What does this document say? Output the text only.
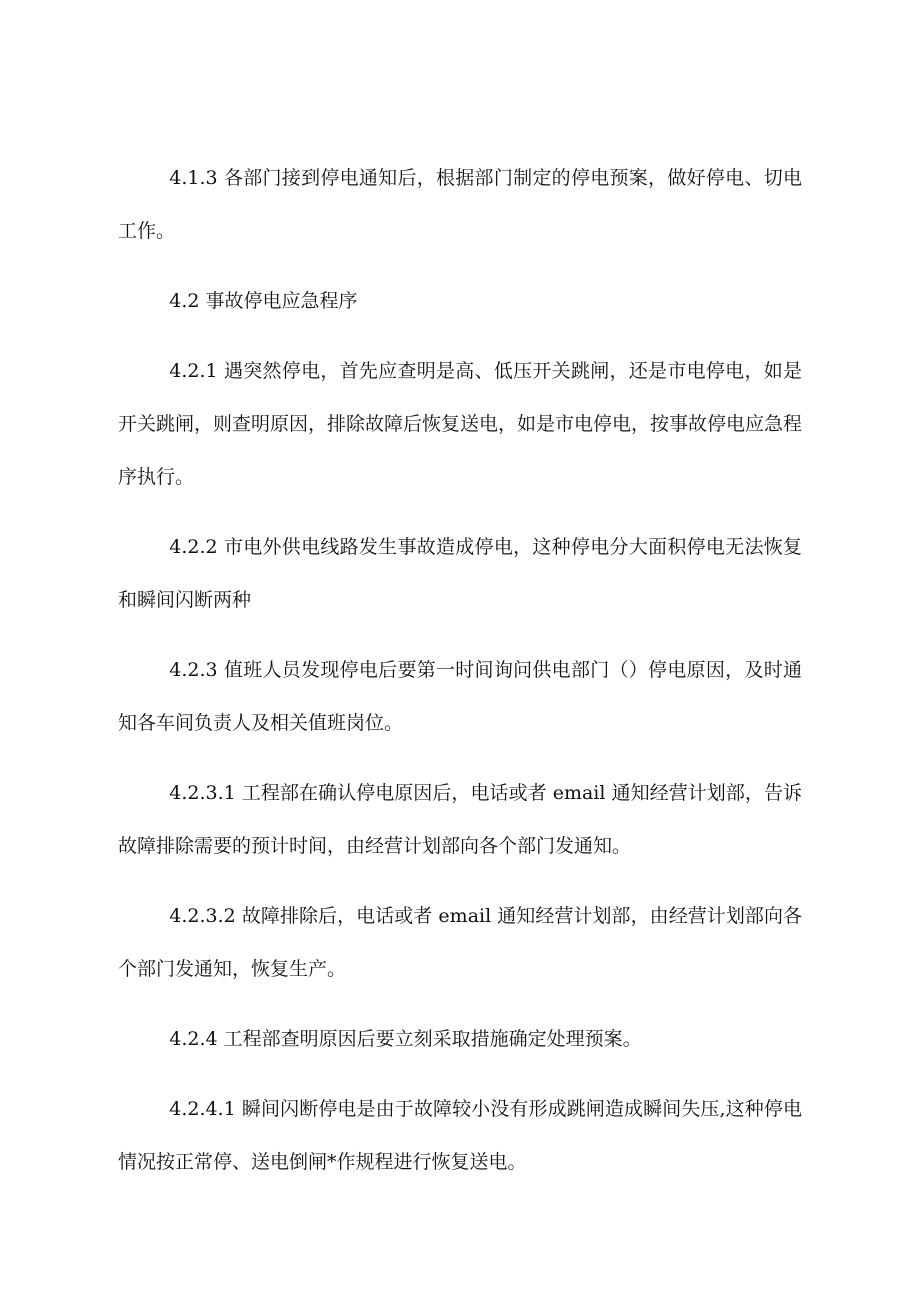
4.1.3 各部门接到停电通知后，根据部门制定的停电预案，做好停电、切电工作。

4.2 事故停电应急程序

4.2.1 遇突然停电，首先应查明是高、低压开关跳闸，还是市电停电，如是开关跳闸，则查明原因，排除故障后恢复送电，如是市电停电，按事故停电应急程序执行。

4.2.2 市电外供电线路发生事故造成停电，这种停电分大面积停电无法恢复和瞬间闪断两种

4.2.3 值班人员发现停电后要第一时间询问供电部门（）停电原因，及时通知各车间负责人及相关值班岗位。

4.2.3.1 工程部在确认停电原因后，电话或者 email 通知经营计划部，告诉故障排除需要的预计时间，由经营计划部向各个部门发通知。

4.2.3.2 故障排除后，电话或者 email 通知经营计划部，由经营计划部向各个部门发通知，恢复生产。

4.2.4 工程部查明原因后要立刻采取措施确定处理预案。

4.2.4.1 瞬间闪断停电是由于故障较小没有形成跳闸造成瞬间失压,这种停电情况按正常停、送电倒闸*作规程进行恢复送电。
